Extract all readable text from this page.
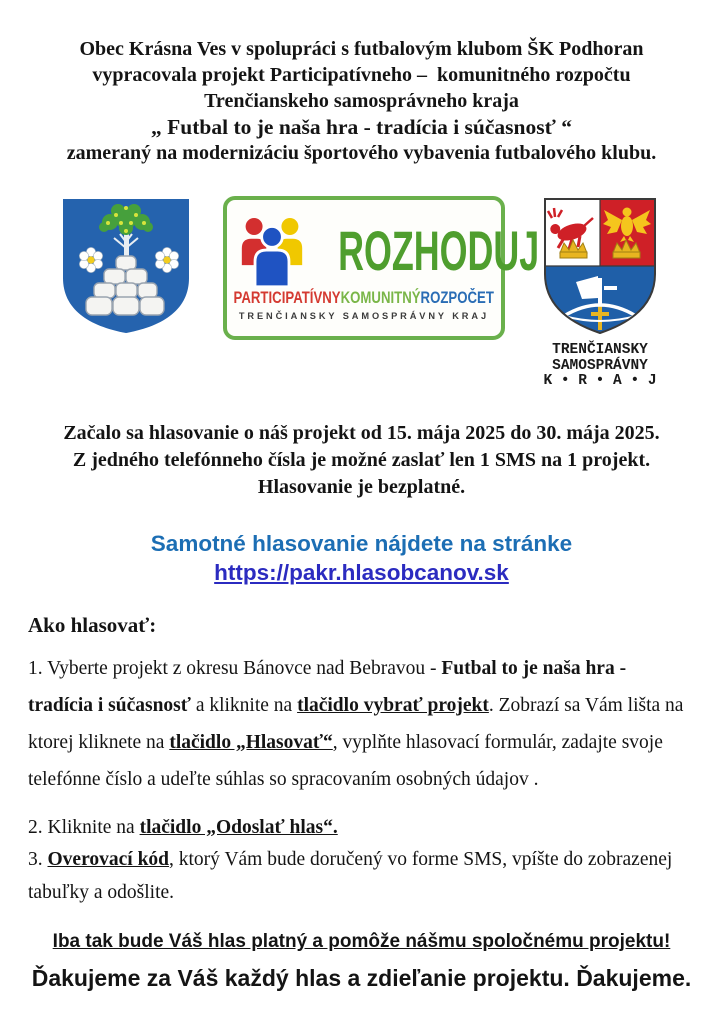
Obec Krásna Ves v spolupráci s futbalovým klubom ŠK Podhoran
vypracovala projekt Participatívneho –  komunitného rozpočtu
Trenčianskeho samosprávneho kraja
„ Futbal to je naša hra - tradícia i súčasnosť “
zameraný na modernizáciu športového vybavenia futbalového klubu.
ROZHODUJ
PARTICIPATÍVNYKOMUNITNÝROZPOČET
TRENČIANSKY SAMOSPRÁVNY KRAJ
TRENČIANSKY
SAMOSPRÁVNY
K • R • A • J
Začalo sa hlasovanie o náš projekt od 15. mája 2025 do 30. mája 2025.
Z jedného telefónneho čísla je možné zaslať len 1 SMS na 1 projekt.
Hlasovanie je bezplatné.
Samotné hlasovanie nájdete na stránke
https://pakr.hlasobcanov.sk
Ako hlasovať:

1. Vyberte projekt z okresu Bánovce nad Bebravou - Futbal to je naša hra - tradícia i súčasnosť a kliknite na tlačidlo vybrať projekt. Zobrazí sa Vám lišta na ktorej kliknete na tlačidlo „Hlasovať“, vyplňte hlasovací formulár, zadajte svoje telefónne číslo a udeľte súhlas so spracovaním osobných údajov .

2. Kliknite na tlačidlo „Odoslať hlas“.

3. Overovací kód, ktorý Vám bude doručený vo forme SMS, vpíšte do zobrazenej tabuľky a odošlite.

Iba tak bude Váš hlas platný a pomôže nášmu spoločnému projektu!
Ďakujeme za Váš každý hlas a zdieľanie projektu. Ďakujeme.
